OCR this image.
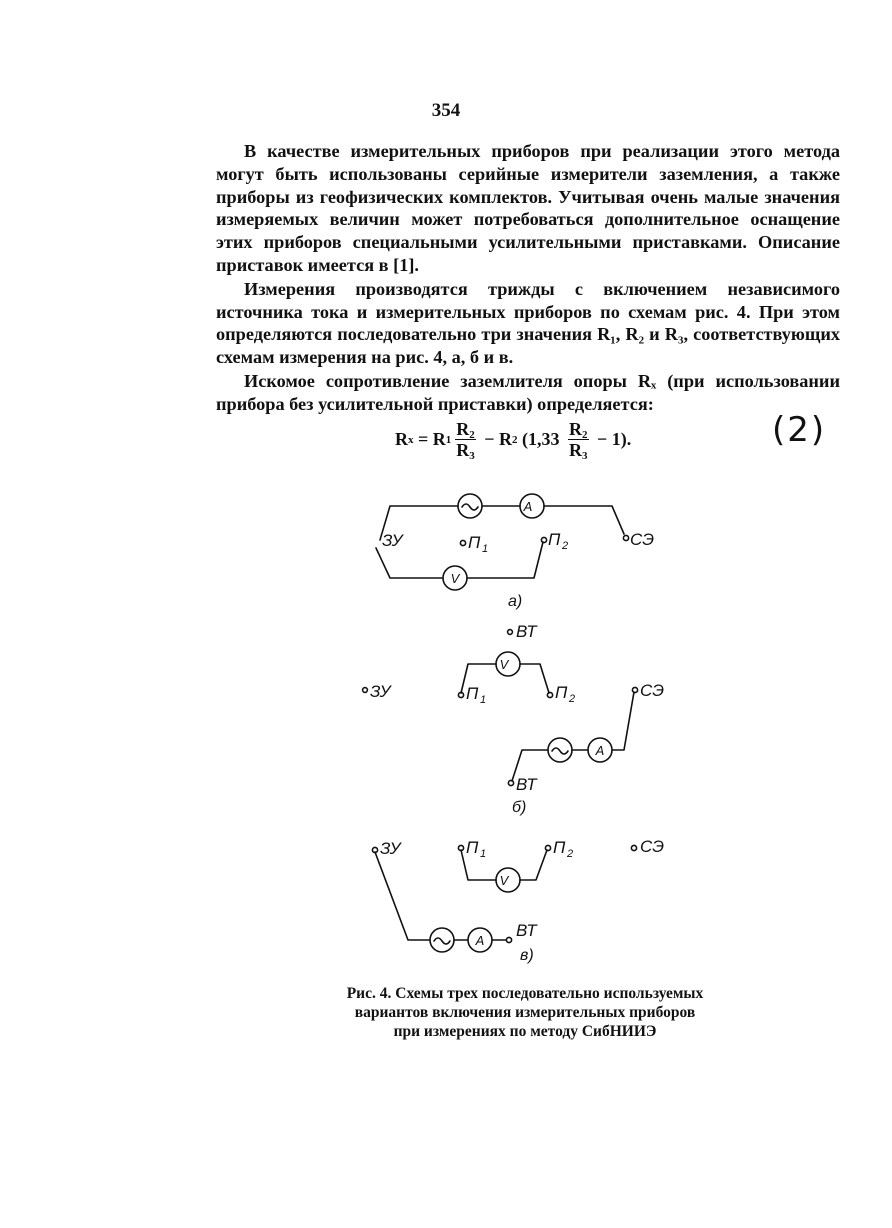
354

В качестве измерительных приборов при реализации этого метода могут быть использованы серийные измерители заземления, а также приборы из геофизических комплектов. Учитывая очень малые значения измеряемых величин может потребоваться дополнительное оснащение этих приборов специальными усилительными приставками. Описание приставок имеется в [1].

Измерения производятся трижды с включением независимого источника тока и измерительных приборов по схемам рис. 4. При этом определяются последовательно три значения R₁, R₂ и R₃, соответствующих схемам измерения на рис. 4, а, б и в.

Искомое сопротивление заземлителя опоры Rₓ (при использовании прибора без усилительной приставки) определяется:

R x = R $1 \frac{R_2}{R_3} - R$ 2 $(1,33 \frac{R_2}{R_3} - 1)$.	(2)
A
V
ЗУ	П 1	П 2	СЭ
а)
ВТ
ЗУ
V
П 1	П 2	СЭ
A
ВТ
б)
ЗУ	П 1	П 2	СЭ
V
A
ВТ
в)
Рис. 4. Схемы трех последовательно используемых
вариантов включения измерительных приборов
при измерениях по методу СибНИИЭ
